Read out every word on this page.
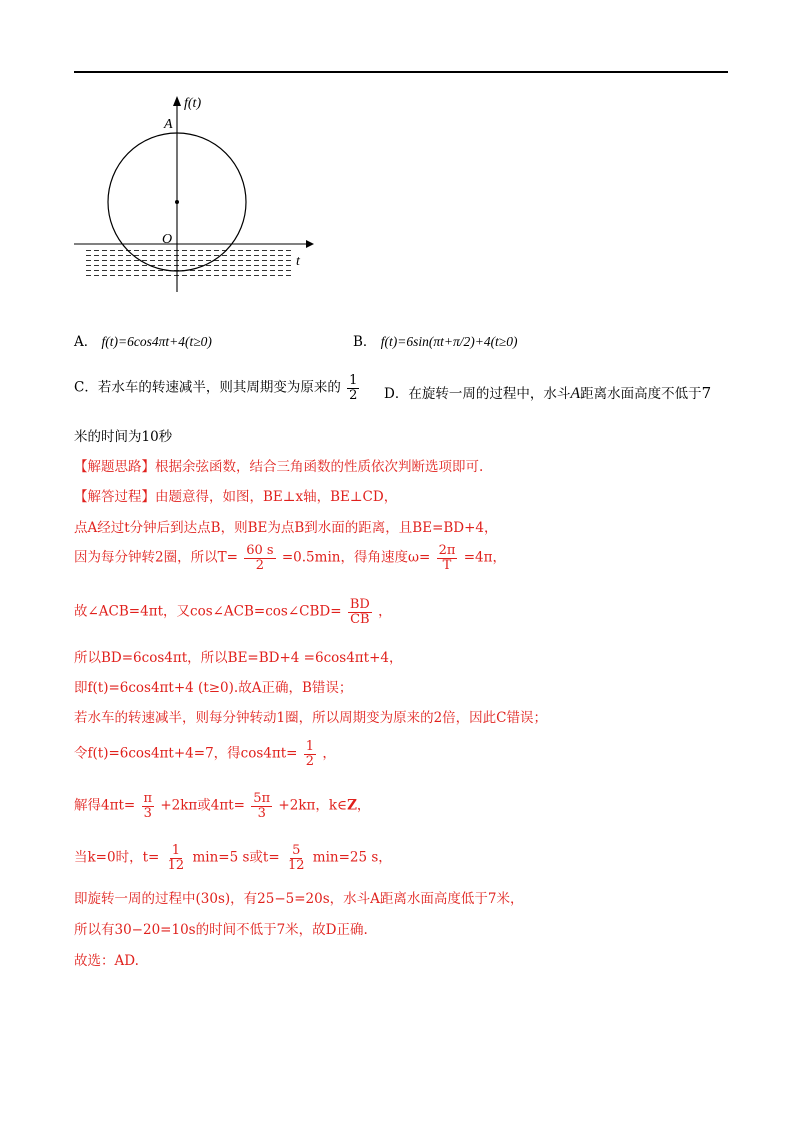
f(t)
A
O
t
A． f(t)=6cos4πt+4(t≥0)	B． f(t)=6sin(πt+π/2)+4(t≥0)
C．若水车的转速减半，则其周期变为原来的 $\frac{1}{2}$ D．在旋转一周的过程中，水斗A距离水面高度不低于7
米的时间为10秒
【解题思路】根据余弦函数，结合三角函数的性质依次判断选项即可.
【解答过程】由题意得，如图，BE⊥x轴，BE⊥CD，
点A经过t分钟后到达点B，则BE为点B到水面的距离，且BE=BD+4，
因为每分钟转2圈，所以$T= \frac{60 s}{2} =0.5\min$，得角速度$\omega= \frac{2\pi}{T} =4\pi$，
故∠ACB=4πt，又cos∠ACB=cos∠CBD= $\frac{BD}{CB}$ ，
所以BD=6cos4πt，所以BE=BD+4 =6cos4πt+4，
即f(t)=6cos4πt+4 (t≥0).故A正确，B错误；
若水车的转速减半，则每分钟转动1圈，所以周期变为原来的2倍，因此C错误；
令f(t)=6cos4πt+4=7，得$\cos 4\pi t= \frac{1}{2}$ ，
解得$4\pi t= \frac{\pi}{3} +2k\pi$或$4\pi t= \frac{5\pi}{3} +2k\pi$，k∈Z，
当k=0时，$t= \frac{1}{12} \min=5$ s或$t= \frac{5}{12} \min=25$ s，
即旋转一周的过程中(30s)，有25−5=20s，水斗A距离水面高度低于7米，
所以有30−20=10s的时间不低于7米，故D正确.
故选：AD.
